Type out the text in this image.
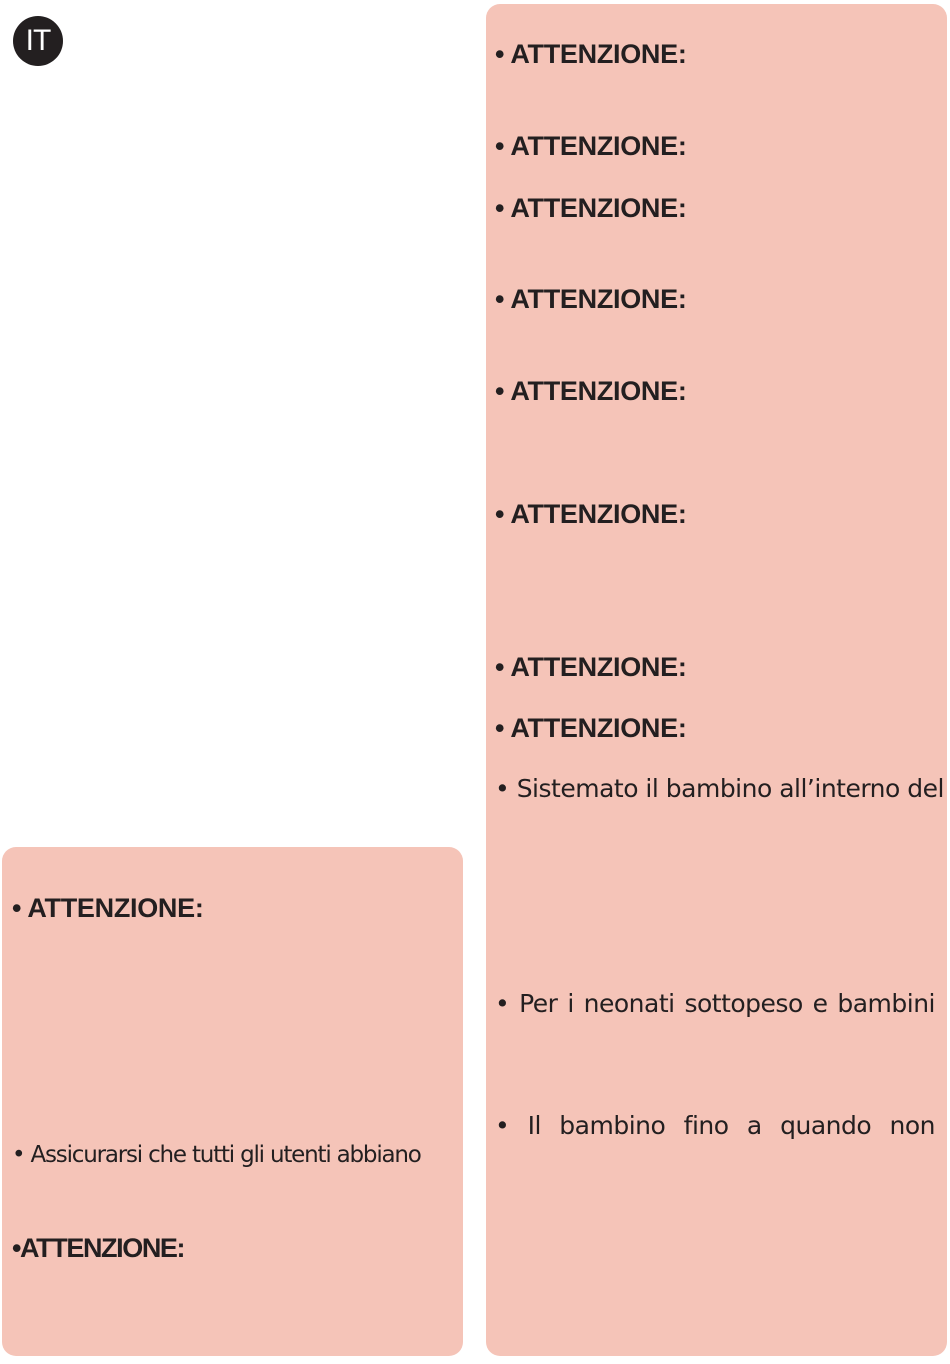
IT	• ATTENZIONE:
• ATTENZIONE:
• ATTENZIONE:
• ATTENZIONE:
• ATTENZIONE:
• ATTENZIONE:
• ATTENZIONE:
• ATTENZIONE:
• Sistemato il bambino all’interno del
• Per i neonati sottopeso e bambini
• Il bambino fino a quando non
• ATTENZIONE:
• Assicurarsi che tutti gli utenti abbiano
•ATTENZIONE:
